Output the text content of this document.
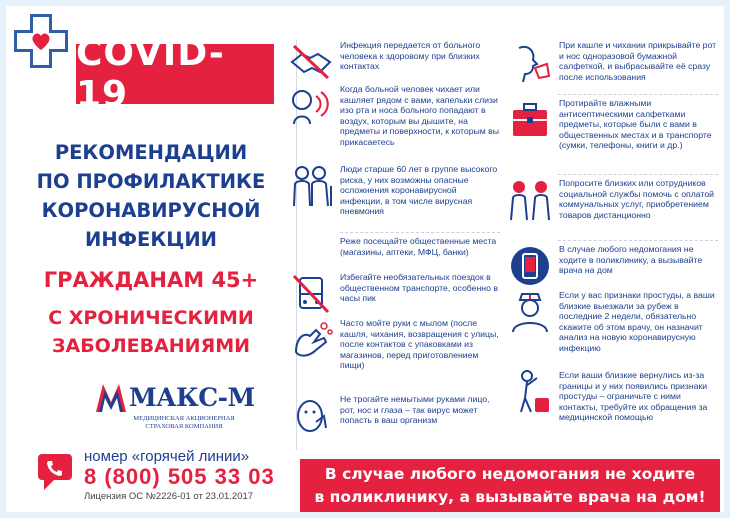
COVID-19
РЕКОМЕНДАЦИИ
ПО ПРОФИЛАКТИКЕ
КОРОНАВИРУСНОЙ
ИНФЕКЦИИ
ГРАЖДАНАМ 45+
С ХРОНИЧЕСКИМИ
ЗАБОЛЕВАНИЯМИ
МАКС-М
МЕДИЦИНСКАЯ АКЦИОНЕРНАЯ
СТРАХОВАЯ КОМПАНИЯ
номер «горячей линии»
8 (800) 505 33 03
Лицензия ОС №2226-01 от 23.01.2017
Инфекция передается от больного человека к здоровому при близких контактах
Когда больной человек чихает или кашляет рядом с вами, капельки слизи изо рта и носа больного попадают в воздух, которым вы дышите, на предметы и поверхности, к которым вы прикасаетесь
Люди старше 60 лет в группе высокого риска, у них возможны опасные осложнения коронавирусной инфекции, в том числе вирусная пневмония
Реже посещайте общественные места (магазины, аптеки, МФЦ, банки)
Избегайте необязательных поездок в общественном транспорте, особенно в часы пик
Часто мойте руки с мылом (после кашля, чихания, возвращения с улицы, после контактов с упаковками из магазинов, перед приготовлением пищи)
Не трогайте немытыми руками лицо, рот, нос и глаза – так вирус может попасть в ваш организм
При кашле и чихании прикрывайте рот и нос одноразовой бумажной салфеткой, и выбрасывайте её сразу после использования
Протирайте влажными антисептическими салфетками предметы, которые были с вами в общественных местах и в транспорте (сумки, телефоны, книги и др.)
Попросите близких или сотрудников социальной службы помочь с оплатой коммунальных услуг, приобретением товаров дистанционно
В случае любого недомогания не ходите в поликлинику, а вызывайте врача на дом
Если у вас признаки простуды, а ваши близкие выезжали за рубеж в последние 2 недели, обязательно скажите об этом врачу, он назначит анализ на новую коронавирусную инфекцию
Если ваши близкие вернулись из-за границы и у них появились признаки простуды – ограничьте с ними контакты, требуйте их обращения за медицинской помощью
В случае любого недомогания не ходите
в поликлинику, а вызывайте врача на дом!
